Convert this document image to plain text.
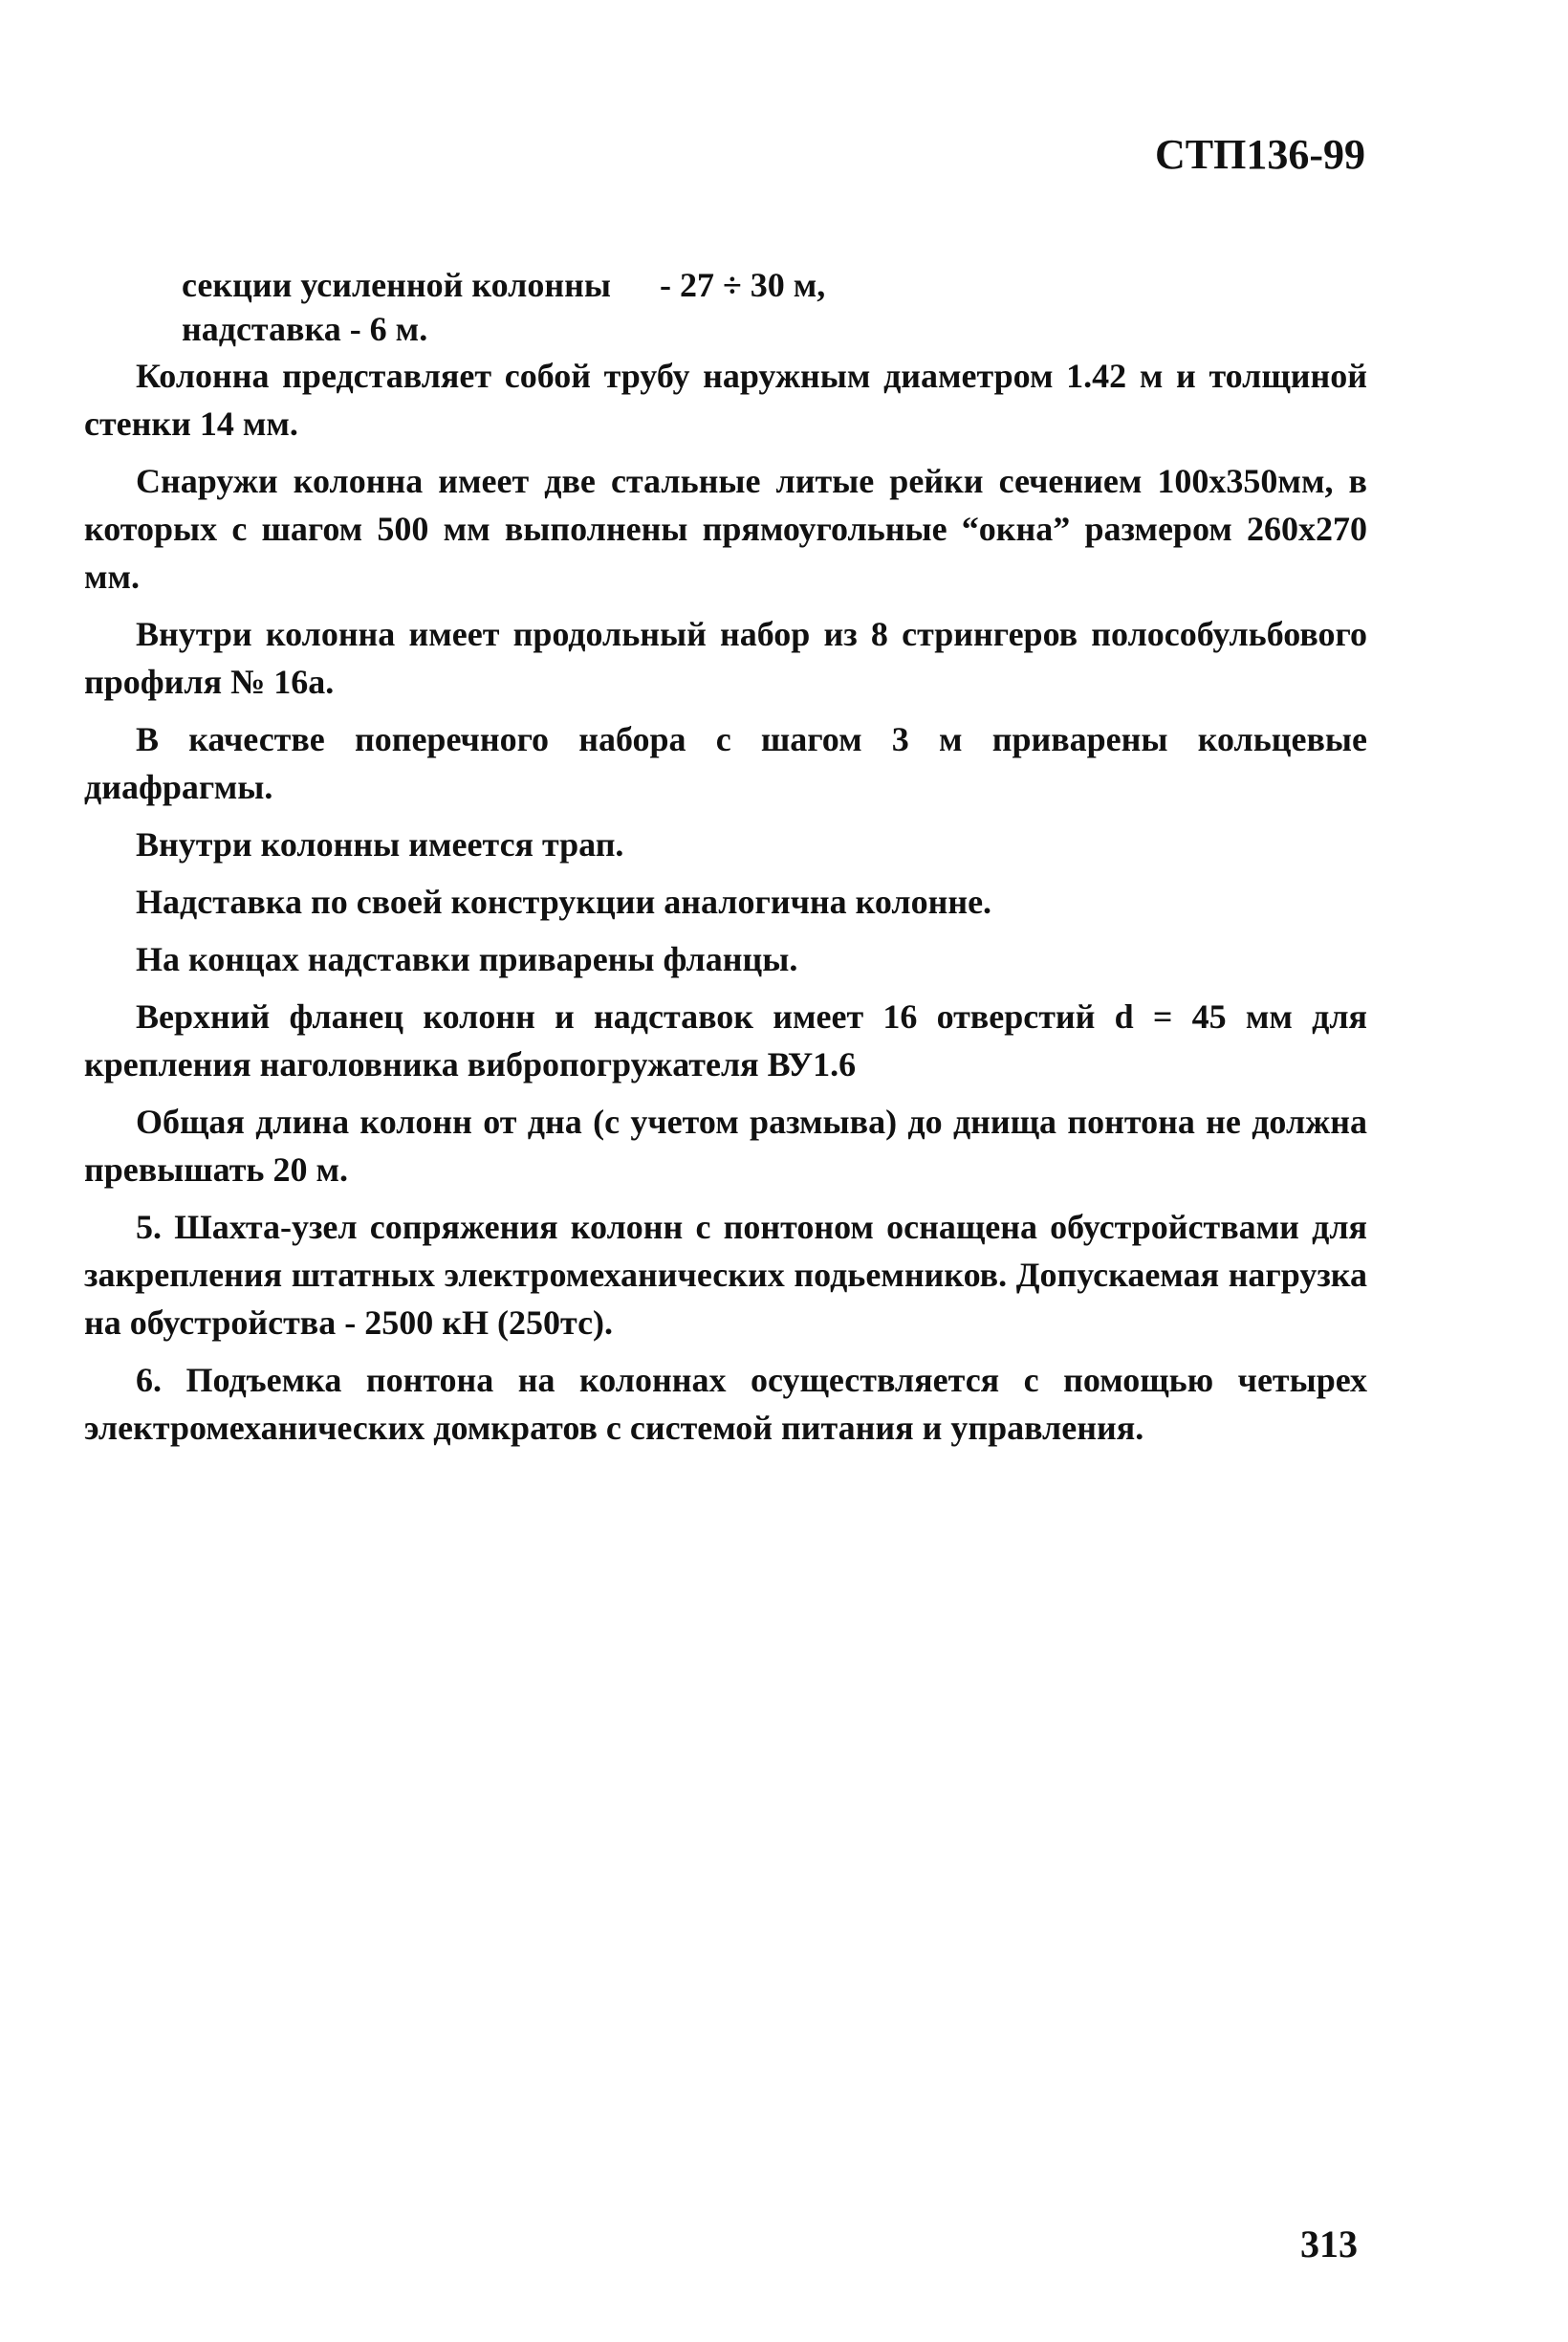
СТП136-99
секции усиленной колонны - 27 ÷ 30 м,
надставка - 6 м.

Колонна представляет собой трубу наружным диаметром 1.42 м и толщиной стенки 14 мм.

Снаружи колонна имеет две стальные литые рейки сечением 100х350мм, в которых с шагом 500 мм выполнены прямоугольные “окна” размером 260х270 мм.

Внутри колонна имеет продольный набор из 8 стрингеров полособульбового профиля № 16а.

В качестве поперечного набора с шагом 3 м приварены кольцевые диафрагмы.

Внутри колонны имеется трап.

Надставка по своей конструкции аналогична колонне.

На концах надставки приварены фланцы.

Верхний фланец колонн и надставок имеет 16 отверстий d = 45 мм для крепления наголовника вибропогружателя ВУ1.6

Общая длина колонн от дна (с учетом размыва) до днища понтона не должна превышать 20 м.

5. Шахта-узел сопряжения колонн с понтоном оснащена обустройствами для закрепления штатных электромеханических подьемников. Допускаемая нагрузка на обустройства - 2500 кН (250тс).

6. Подъемка понтона на колоннах осуществляется с помощью четырех электромеханических домкратов с системой питания и управления.

313
